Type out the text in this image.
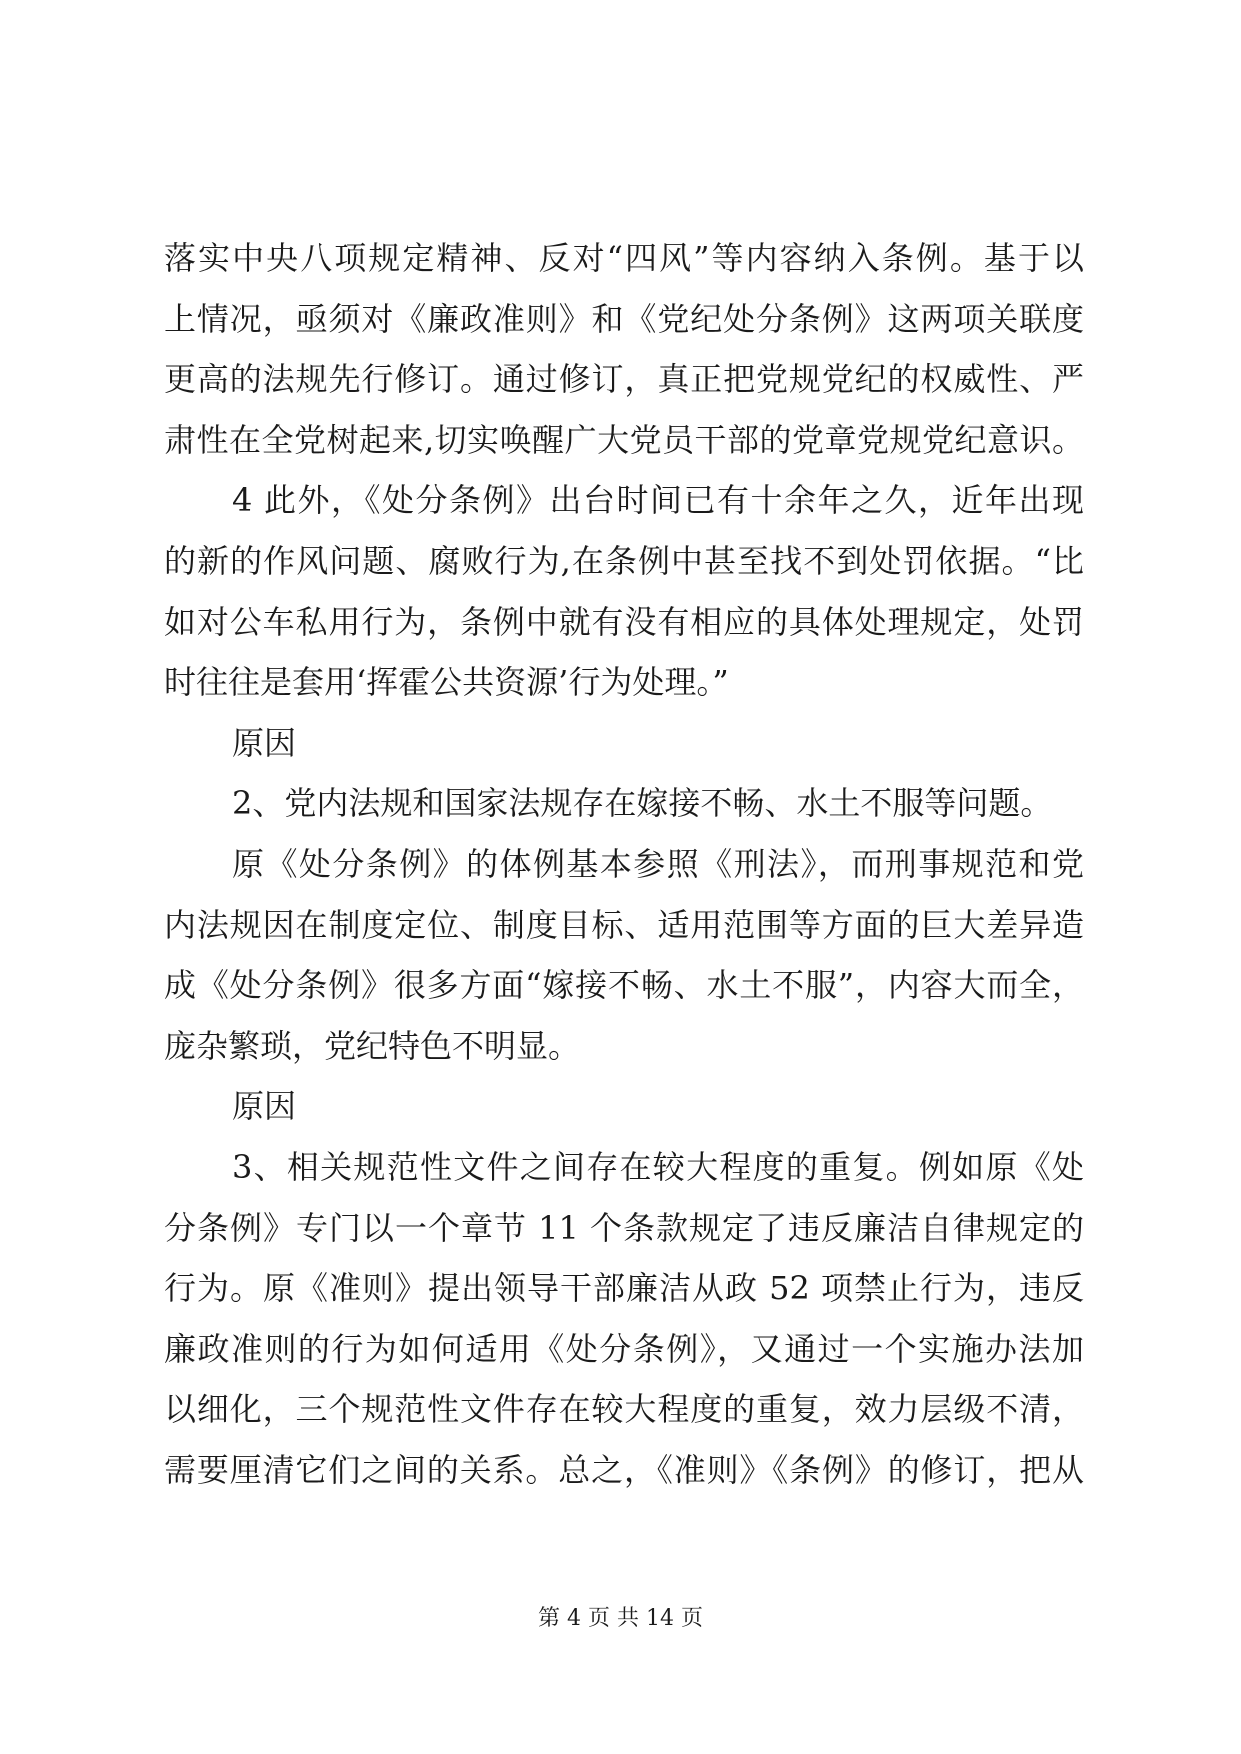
落实中央八项规定精神、反对“四风”等内容纳入条例。基于以
上情况，亟须对《廉政准则》和《党纪处分条例》这两项关联度
更高的法规先行修订。通过修订，真正把党规党纪的权威性、严
肃性在全党树起来,切实唤醒广大党员干部的党章党规党纪意识。
4 此外，《处分条例》出台时间已有十余年之久，近年出现
的新的作风问题、腐败行为,在条例中甚至找不到处罚依据。“比
如对公车私用行为，条例中就有没有相应的具体处理规定，处罚
时往往是套用‘挥霍公共资源’行为处理。”
原因
2、党内法规和国家法规存在嫁接不畅、水土不服等问题。
原《处分条例》的体例基本参照《刑法》，而刑事规范和党
内法规因在制度定位、制度目标、适用范围等方面的巨大差异造
成《处分条例》很多方面“嫁接不畅、水土不服”，内容大而全，
庞杂繁琐，党纪特色不明显。
原因
3、相关规范性文件之间存在较大程度的重复。例如原《处
分条例》专门以一个章节 11 个条款规定了违反廉洁自律规定的
行为。原《准则》提出领导干部廉洁从政 52 项禁止行为，违反
廉政准则的行为如何适用《处分条例》，又通过一个实施办法加
以细化，三个规范性文件存在较大程度的重复，效力层级不清，
需要厘清它们之间的关系。总之，《准则》《条例》的修订，把从
第 4 页 共 14 页
